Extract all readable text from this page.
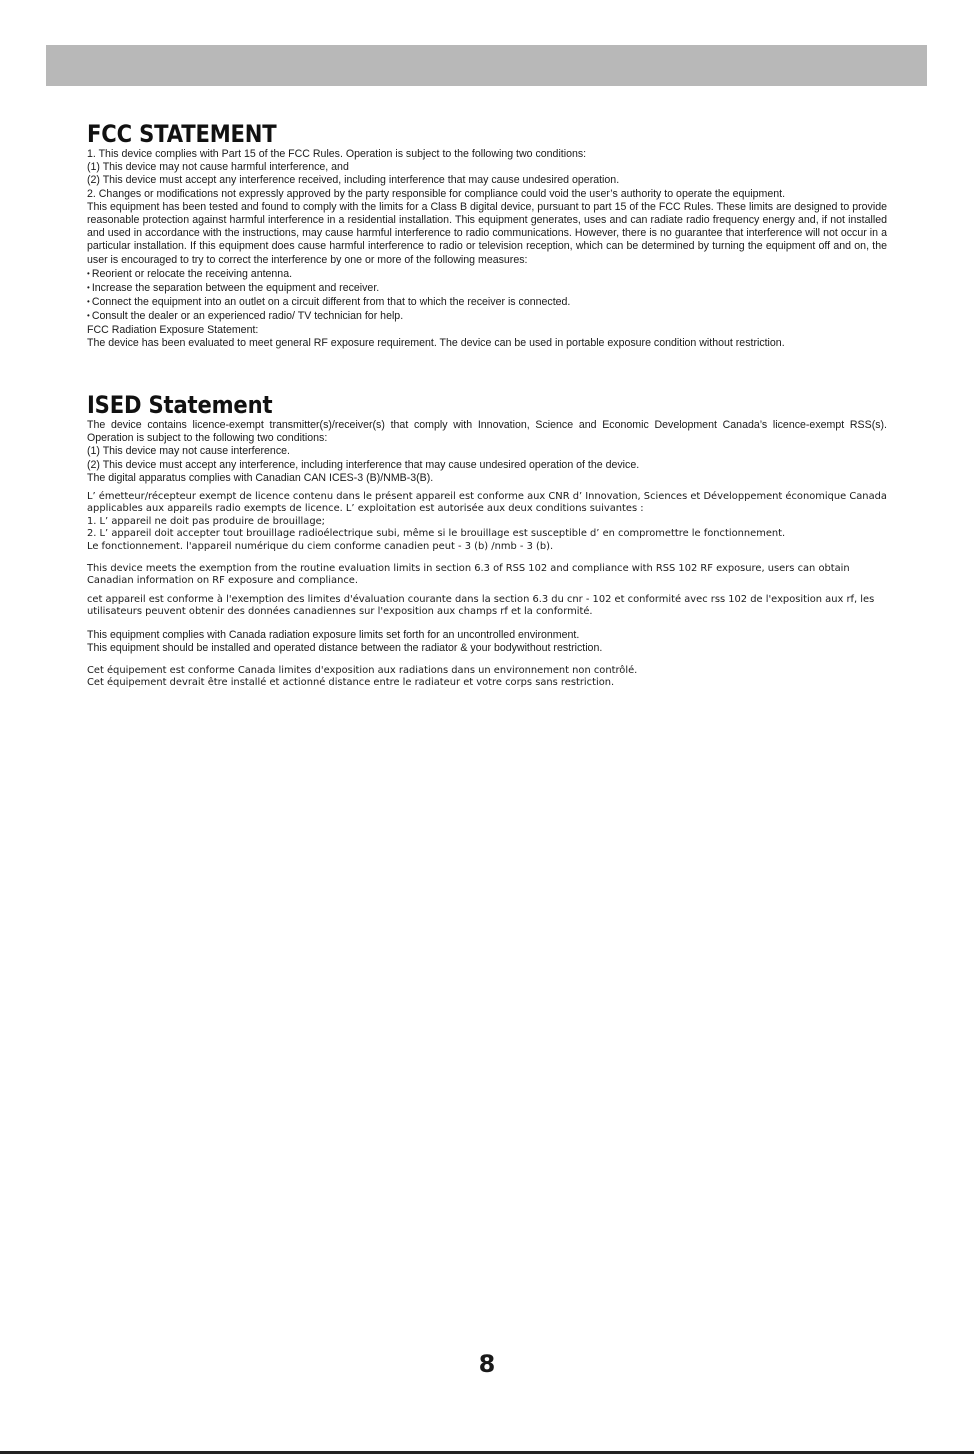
FCC STATEMENT

1. This device complies with Part 15 of the FCC Rules. Operation is subject to the following two conditions:

(1) This device may not cause harmful interference, and

(2) This device must accept any interference received, including interference that may cause undesired operation.

2. Changes or modifications not expressly approved by the party responsible for compliance could void the user’s authority to operate the equipment.

This equipment has been tested and found to comply with the limits for a Class B digital device, pursuant to part 15 of the FCC Rules. These limits are designed to provide reasonable protection against harmful interference in a residential installation. This equipment generates, uses and can radiate radio frequency energy and, if not installed and used in accordance with the instructions, may cause harmful interference to radio communications. However, there is no guarantee that interference will not occur in a particular installation. If this equipment does cause harmful interference to radio or television reception, which can be determined by turning the equipment off and on, the user is encouraged to try to correct the interference by one or more of the following measures:

• Reorient or relocate the receiving antenna.

• Increase the separation between the equipment and receiver.

• Connect the equipment into an outlet on a circuit different from that to which the receiver is connected.

• Consult the dealer or an experienced radio/ TV technician for help.

FCC Radiation Exposure Statement:

The device has been evaluated to meet general RF exposure requirement. The device can be used in portable exposure condition without restriction.

ISED Statement

The device contains licence-exempt transmitter(s)/receiver(s) that comply with Innovation, Science and Economic Development Canada’s licence-exempt RSS(s). Operation is subject to the following two conditions:

(1) This device may not cause interference.

(2) This device must accept any interference, including interference that may cause undesired operation of the device.

The digital apparatus complies with Canadian CAN ICES-3 (B)/NMB-3(B).

L’ émetteur/récepteur exempt de licence contenu dans le présent appareil est conforme aux CNR d’ Innovation, Sciences et Développement économique Canada applicables aux appareils radio exempts de licence. L’ exploitation est autorisée aux deux conditions suivantes :

1. L’ appareil ne doit pas produire de brouillage;

2. L’ appareil doit accepter tout brouillage radioélectrique subi, même si le brouillage est susceptible d’ en compromettre le fonctionnement.

Le fonctionnement. l'appareil numérique du ciem conforme canadien peut - 3 (b) /nmb - 3 (b).

This device meets the exemption from the routine evaluation limits in section 6.3 of RSS 102 and compliance with RSS 102 RF exposure, users can obtain Canadian information on RF exposure and compliance.

cet appareil est conforme à l'exemption des limites d'évaluation courante dans la section 6.3 du cnr - 102 et conformité avec rss 102 de l'exposition aux rf, les utilisateurs peuvent obtenir des données canadiennes sur l'exposition aux champs rf et la conformité.

This equipment complies with Canada radiation exposure limits set forth for an uncontrolled environment.

This equipment should be installed and operated distance between the radiator & your bodywithout restriction.

Cet équipement est conforme Canada limites d'exposition aux radiations dans un environnement non contrôlé.

Cet équipement devrait être installé et actionné distance entre le radiateur et votre corps sans restriction.

8
